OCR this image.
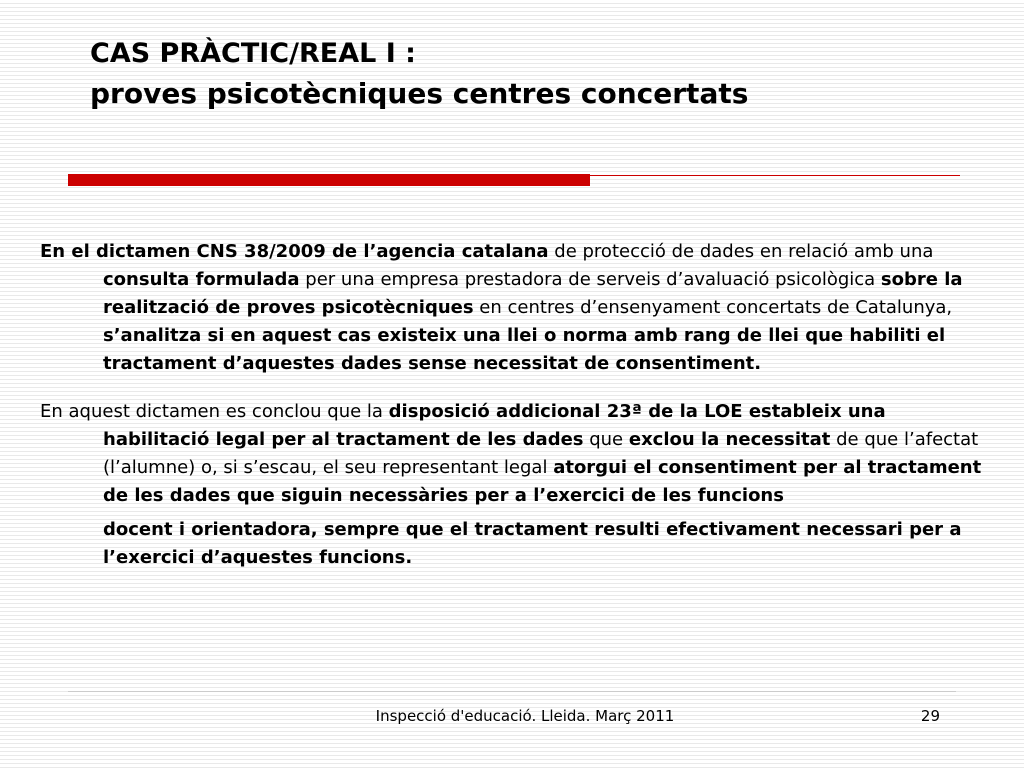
CAS PRÀCTIC/REAL I :
proves psicotècniques centres concertats

En el dictamen CNS 38/2009 de l’agencia catalana de protecció de dades en relació amb una consulta formulada per una empresa prestadora de serveis d’avaluació psicològica sobre la realització de proves psicotècniques en centres d’ensenyament concertats de Catalunya, s’analitza si en aquest cas existeix una llei o norma amb rang de llei que habiliti el tractament d’aquestes dades sense necessitat de consentiment.

En aquest dictamen es conclou que la disposició addicional 23ª de la LOE estableix una habilitació legal per al tractament de les dades que exclou la necessitat de que l’afectat (l’alumne) o, si s’escau, el seu representant legal atorgui el consentiment per al tractament de les dades que siguin necessàries per a l’exercici de les funcions
docent i orientadora, sempre que el tractament resulti efectivament necessari per a l’exercici d’aquestes funcions.

Inspecció d'educació. Lleida. Març 2011	29
